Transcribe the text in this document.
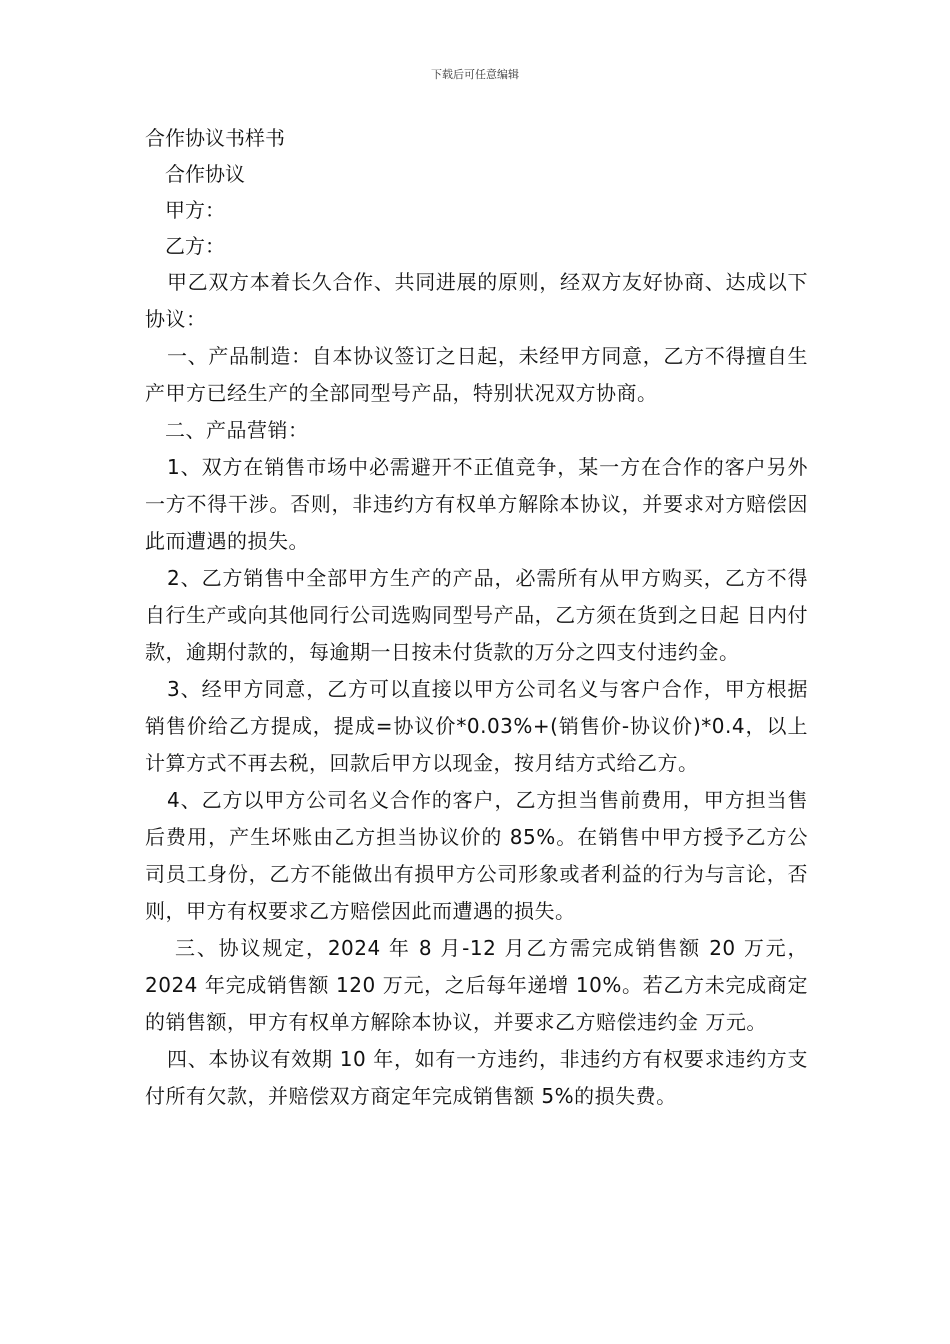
下载后可任意编辑
合作协议书样书
合作协议
甲方：
乙方：

甲乙双方本着长久合作、共同进展的原则，经双方友好协商、达成以下协议：

一、产品制造：自本协议签订之日起，未经甲方同意，乙方不得擅自生产甲方已经生产的全部同型号产品，特别状况双方协商。

二、产品营销：

1、双方在销售市场中必需避开不正值竞争，某一方在合作的客户另外一方不得干涉。否则，非违约方有权单方解除本协议，并要求对方赔偿因此而遭遇的损失。

2、乙方销售中全部甲方生产的产品，必需所有从甲方购买，乙方不得自行生产或向其他同行公司选购同型号产品，乙方须在货到之日起 日内付款，逾期付款的，每逾期一日按未付货款的万分之四支付违约金。

3、经甲方同意，乙方可以直接以甲方公司名义与客户合作，甲方根据销售价给乙方提成，提成=协议价*0.03%+(销售价-协议价)*0.4，以上计算方式不再去税，回款后甲方以现金，按月结方式给乙方。

4、乙方以甲方公司名义合作的客户，乙方担当售前费用，甲方担当售后费用，产生坏账由乙方担当协议价的 85%。在销售中甲方授予乙方公司员工身份，乙方不能做出有损甲方公司形象或者利益的行为与言论，否则，甲方有权要求乙方赔偿因此而遭遇的损失。

三、协议规定，2024 年 8 月-12 月乙方需完成销售额 20 万元，2024 年完成销售额 120 万元，之后每年递增 10%。若乙方未完成商定的销售额，甲方有权单方解除本协议，并要求乙方赔偿违约金 万元。

四、本协议有效期 10 年，如有一方违约，非违约方有权要求违约方支付所有欠款，并赔偿双方商定年完成销售额 5%的损失费。
